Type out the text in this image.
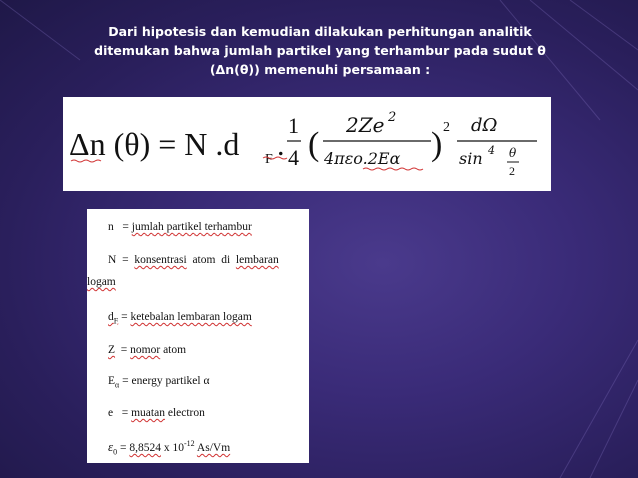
Dari hipotesis dan kemudian dilakukan perhitungan analitik
ditemukan bahwa jumlah partikel yang terhambur pada sudut θ
(Δn(θ)) memenuhi persamaan :
Δn (θ) = N .d F .
1
4 (
2Ze 2
4πεo.2Eα ) 2 dΩ
sin 4 θ
2
n = jumlah partikel terhambur
N = konsentrasi atom di lembaran
logam
$d_F$ = ketebalan lembaran logam
Z = nomor atom
$E_\alpha$ = energy partikel α
e = muatan electron
$\varepsilon_0 = 8,8524$ x $10^{-12}$ As/Vm
